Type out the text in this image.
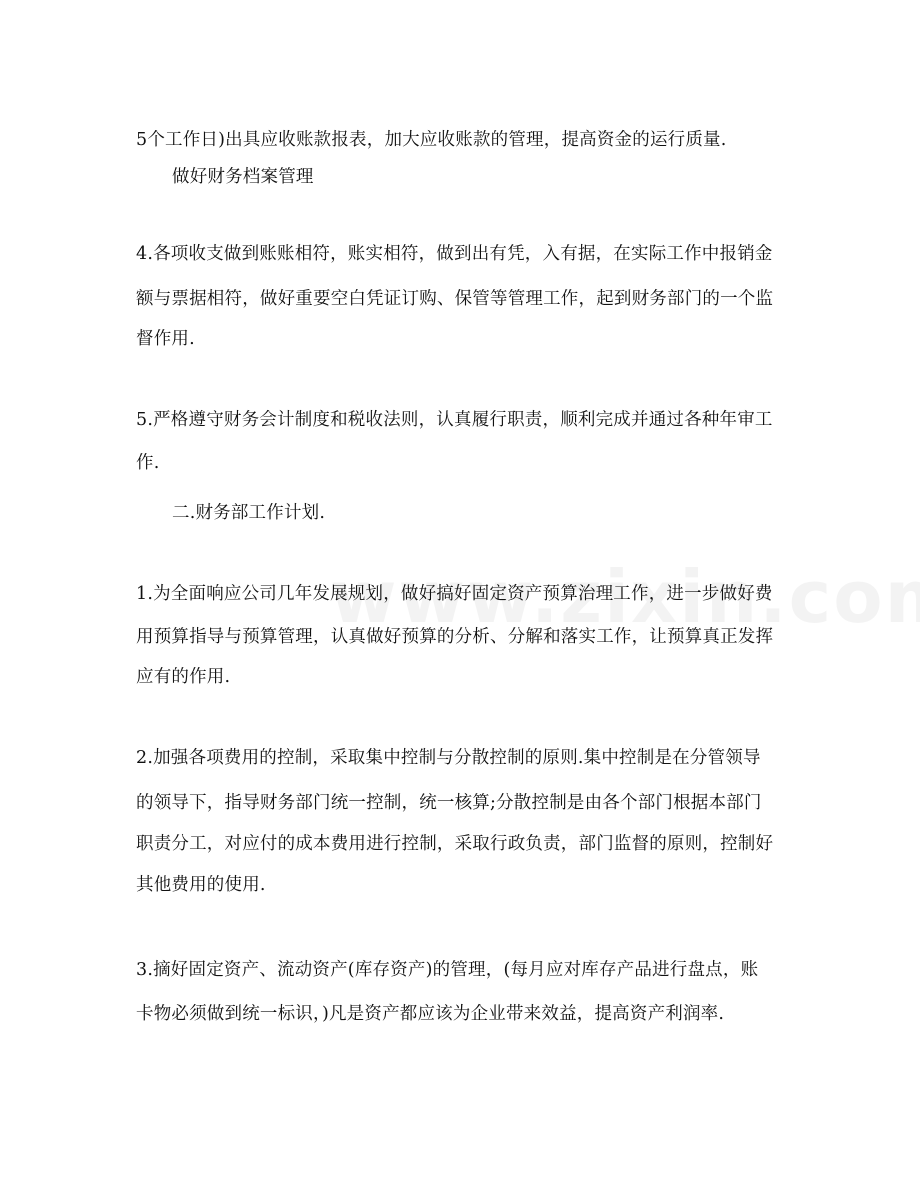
5个工作日)出具应收账款报表，加大应收账款的管理，提高资金的运行质量.
做好财务档案管理
4.各项收支做到账账相符，账实相符，做到出有凭，入有据，在实际工作中报销金
额与票据相符，做好重要空白凭证订购、保管等管理工作，起到财务部门的一个监
督作用.
5.严格遵守财务会计制度和税收法则，认真履行职责，顺利完成并通过各种年审工
作.
二.财务部工作计划.
1.为全面响应公司几年发展规划，做好搞好固定资产预算治理工作，进一步做好费
用预算指导与预算管理，认真做好预算的分析、分解和落实工作，让预算真正发挥
应有的作用.
2.加强各项费用的控制，采取集中控制与分散控制的原则.集中控制是在分管领导
的领导下，指导财务部门统一控制，统一核算;分散控制是由各个部门根据本部门
职责分工，对应付的成本费用进行控制，采取行政负责，部门监督的原则，控制好
其他费用的使用.
3.摘好固定资产、流动资产(库存资产)的管理，(每月应对库存产品进行盘点，账
卡物必须做到统一标识，)凡是资产都应该为企业带来效益，提高资产利润率.
